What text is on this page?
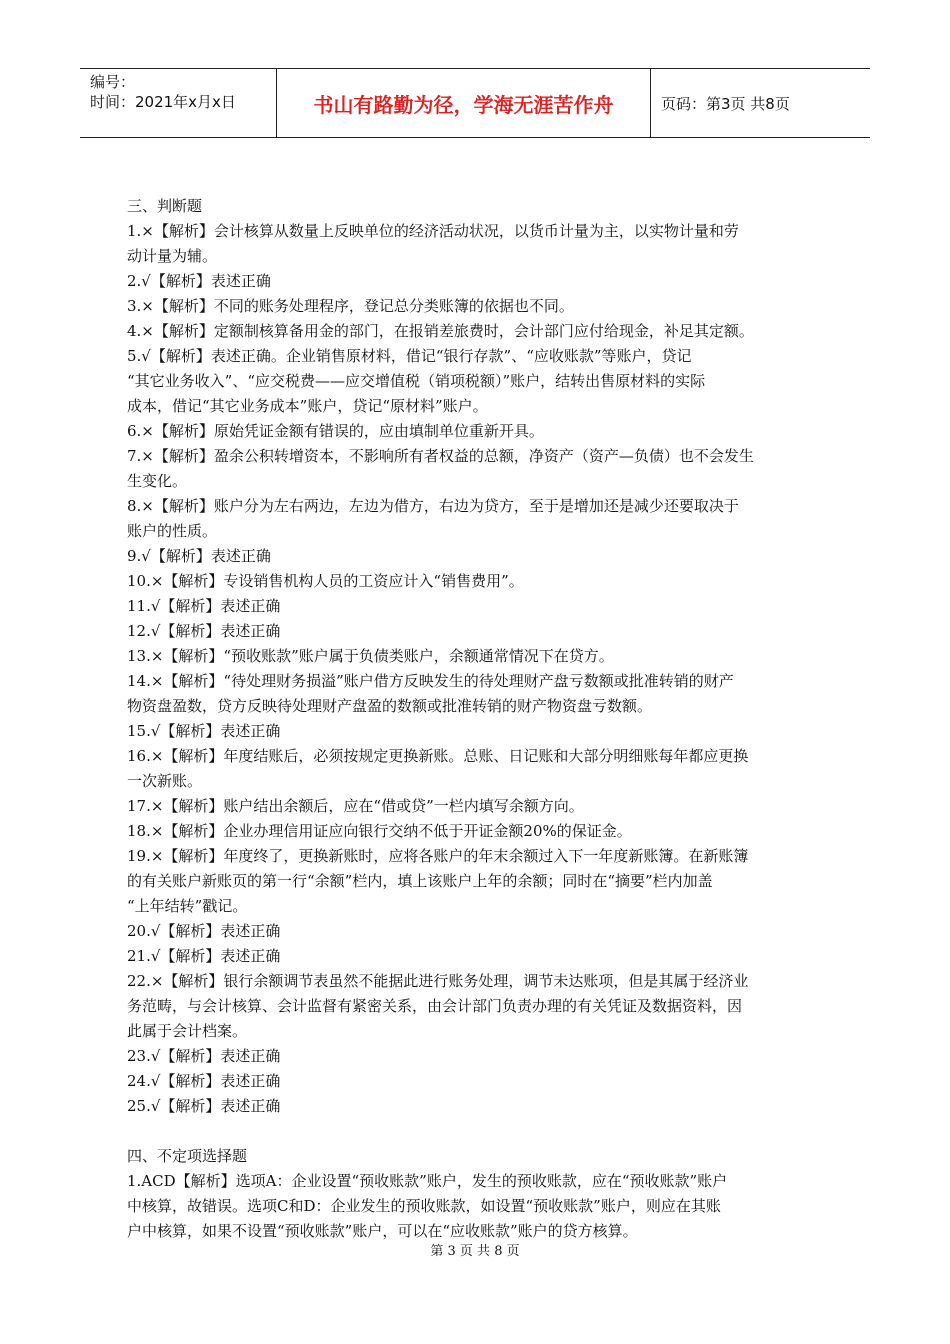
编号：
时间：2021年x月x日	书山有路勤为径，学海无涯苦作舟	页码：第3页 共8页
三、判断题
1.×【解析】会计核算从数量上反映单位的经济活动状况，以货币计量为主，以实物计量和劳
动计量为辅。
2.√【解析】表述正确
3.×【解析】不同的账务处理程序，登记总分类账簿的依据也不同。
4.×【解析】定额制核算备用金的部门，在报销差旅费时，会计部门应付给现金，补足其定额。
5.√【解析】表述正确。企业销售原材料，借记“银行存款”、“应收账款”等账户，贷记
“其它业务收入”、“应交税费——应交增值税（销项税额）”账户，结转出售原材料的实际
成本，借记“其它业务成本”账户，贷记“原材料”账户。
6.×【解析】原始凭证金额有错误的，应由填制单位重新开具。
7.×【解析】盈余公积转增资本，不影响所有者权益的总额，净资产（资产—负债）也不会发生
生变化。
8.×【解析】账户分为左右两边，左边为借方，右边为贷方，至于是增加还是减少还要取决于
账户的性质。
9.√【解析】表述正确
10.×【解析】专设销售机构人员的工资应计入“销售费用”。
11.√【解析】表述正确
12.√【解析】表述正确
13.×【解析】“预收账款”账户属于负债类账户，余额通常情况下在贷方。
14.×【解析】“待处理财务损溢”账户借方反映发生的待处理财产盘亏数额或批准转销的财产
物资盘盈数，贷方反映待处理财产盘盈的数额或批准转销的财产物资盘亏数额。
15.√【解析】表述正确
16.×【解析】年度结账后，必须按规定更换新账。总账、日记账和大部分明细账每年都应更换
一次新账。
17.×【解析】账户结出余额后，应在“借或贷”一栏内填写余额方向。
18.×【解析】企业办理信用证应向银行交纳不低于开证金额20%的保证金。
19.×【解析】年度终了，更换新账时，应将各账户的年末余额过入下一年度新账簿。在新账簿
的有关账户新账页的第一行“余额”栏内，填上该账户上年的余额；同时在“摘要”栏内加盖
“上年结转”戳记。
20.√【解析】表述正确
21.√【解析】表述正确
22.×【解析】银行余额调节表虽然不能据此进行账务处理，调节未达账项，但是其属于经济业
务范畴，与会计核算、会计监督有紧密关系，由会计部门负责办理的有关凭证及数据资料，因
此属于会计档案。
23.√【解析】表述正确
24.√【解析】表述正确
25.√【解析】表述正确
四、不定项选择题
1.ACD【解析】选项A：企业设置“预收账款”账户，发生的预收账款，应在“预收账款”账户
中核算，故错误。选项C和D：企业发生的预收账款，如设置“预收账款”账户，则应在其账
户中核算，如果不设置“预收账款”账户，可以在“应收账款”账户的贷方核算。
第 3 页 共 8 页
